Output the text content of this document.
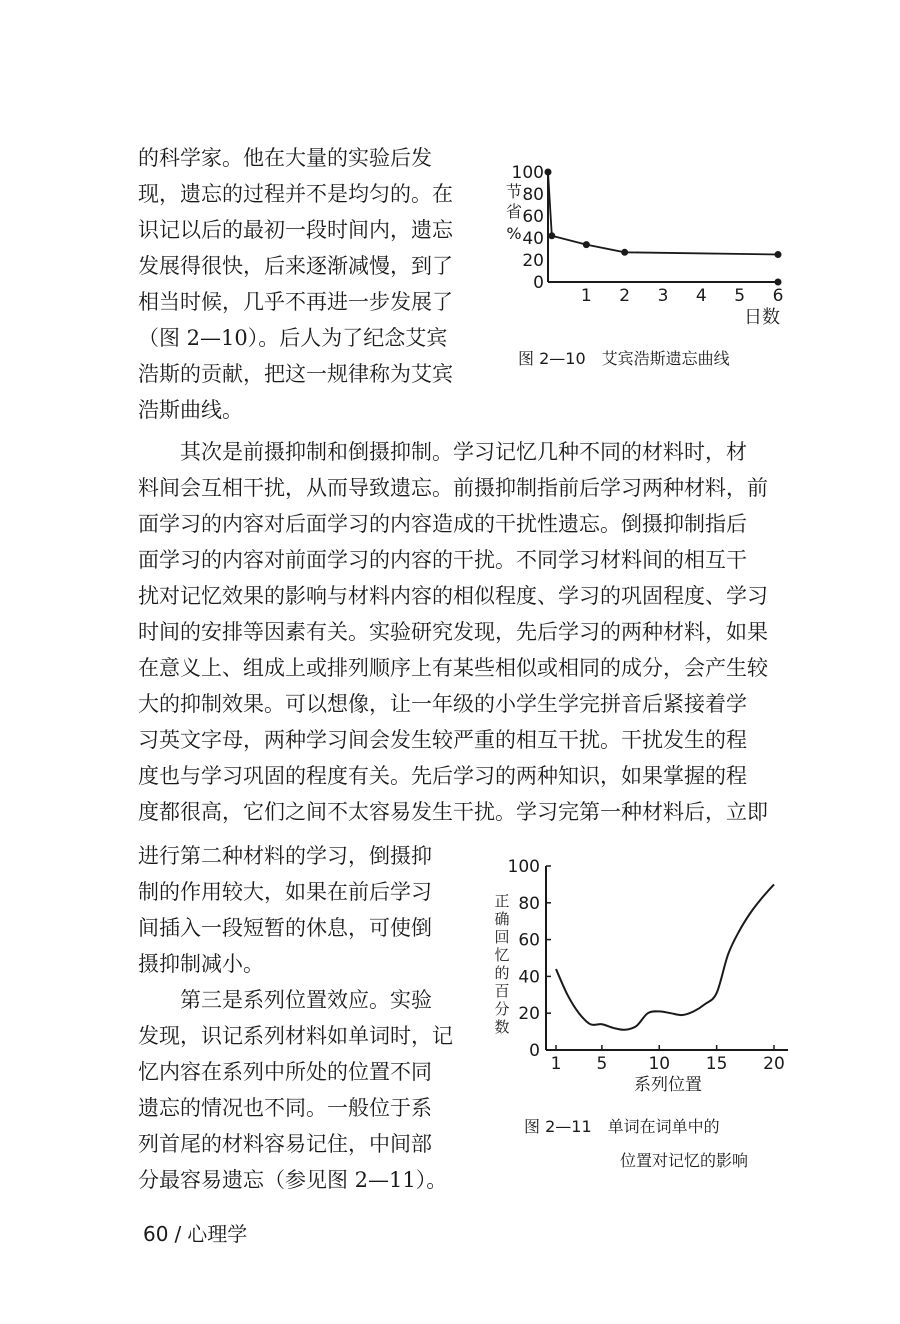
的科学家。他在大量的实验后发
现，遗忘的过程并不是均匀的。在
识记以后的最初一段时间内，遗忘
发展得很快，后来逐渐减慢，到了
相当时候，几乎不再进一步发展了
（图 2—10）。后人为了纪念艾宾
浩斯的贡献，把这一规律称为艾宾
浩斯曲线。
0
20
40
60
80
100
1 2 3 4 5 6
节
省
%
日数
图 2—10　艾宾浩斯遗忘曲线
其次是前摄抑制和倒摄抑制。学习记忆几种不同的材料时，材
料间会互相干扰，从而导致遗忘。前摄抑制指前后学习两种材料，前
面学习的内容对后面学习的内容造成的干扰性遗忘。倒摄抑制指后
面学习的内容对前面学习的内容的干扰。不同学习材料间的相互干
扰对记忆效果的影响与材料内容的相似程度、学习的巩固程度、学习
时间的安排等因素有关。实验研究发现，先后学习的两种材料，如果
在意义上、组成上或排列顺序上有某些相似或相同的成分，会产生较
大的抑制效果。可以想像，让一年级的小学生学完拼音后紧接着学
习英文字母，两种学习间会发生较严重的相互干扰。干扰发生的程
度也与学习巩固的程度有关。先后学习的两种知识，如果掌握的程
度都很高，它们之间不太容易发生干扰。学习完第一种材料后，立即
进行第二种材料的学习，倒摄抑
制的作用较大，如果在前后学习
间插入一段短暂的休息，可使倒
摄抑制减小。
第三是系列位置效应。实验
发现，识记系列材料如单词时，记
忆内容在系列中所处的位置不同
遗忘的情况也不同。一般位于系
列首尾的材料容易记住，中间部
分最容易遗忘（参见图 2—11）。
0
20
40
60
80
100
1 5 10 15 20
正
确
回
忆
的
百
分
数
系列位置
图 2—11　单词在词单中的
位置对记忆的影响
60 / 心理学
